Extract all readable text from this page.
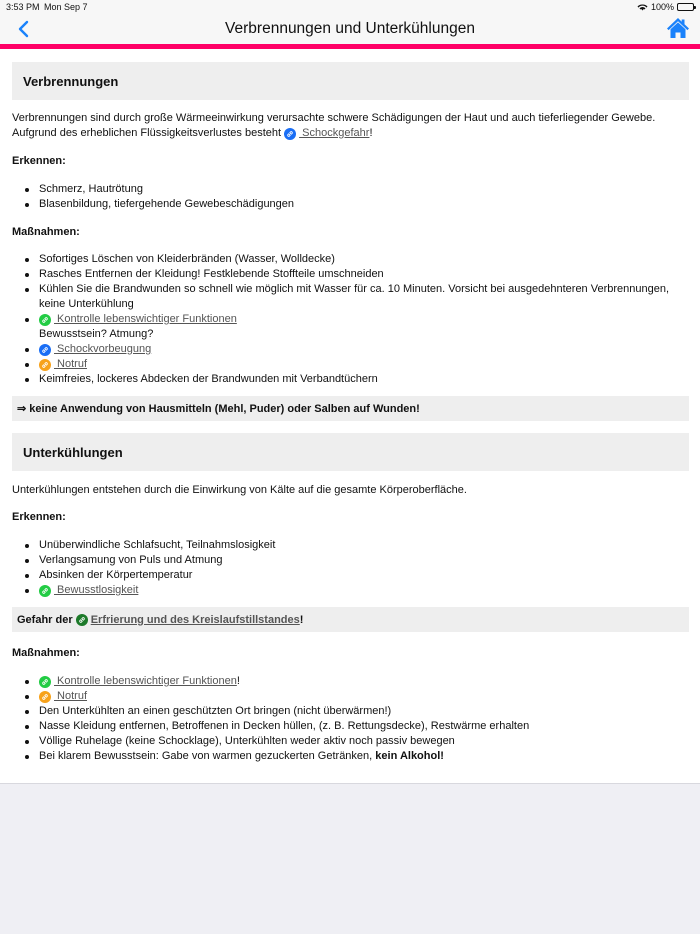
3:53 PM Mon Sep 7	100%
Verbrennungen und Unterkühlungen
Verbrennungen
Verbrennungen sind durch große Wärmeeinwirkung verursachte schwere Schädigungen der Haut und auch tieferliegender Gewebe. Aufgrund des erheblichen Flüssigkeitsverlustes besteht
Schockgefahr!
Erkennen:
Schmerz, Hautrötung
Blasenbildung, tiefergehende Gewebeschädigungen
Maßnahmen:
Sofortiges Löschen von Kleiderbränden (Wasser, Wolldecke)
Rasches Entfernen der Kleidung! Festklebende Stoffteile umschneiden
Kühlen Sie die Brandwunden so schnell wie möglich mit Wasser für ca. 10 Minuten. Vorsicht bei ausgedehnteren Verbrennungen, keine Unterkühlung
Kontrolle lebenswichtiger Funktionen
Bewusstsein? Atmung?
Schockvorbeugung
Notruf
Keimfreies, lockeres Abdecken der Brandwunden mit Verbandtüchern
⇒ keine Anwendung von Hausmitteln (Mehl, Puder) oder Salben auf Wunden!
Unterkühlungen
Unterkühlungen entstehen durch die Einwirkung von Kälte auf die gesamte Körperoberfläche.
Erkennen:
Unüberwindliche Schlafsucht, Teilnahmslosigkeit
Verlangsamung von Puls und Atmung
Absinken der Körpertemperatur
Bewusstlosigkeit
Gefahr der
Erfrierung und des Kreislaufstillstandes !
Maßnahmen:
Kontrolle lebenswichtiger Funktionen!
Notruf
Den Unterkühlten an einen geschützten Ort bringen (nicht überwärmen!)
Nasse Kleidung entfernen, Betroffenen in Decken hüllen, (z. B. Rettungsdecke), Restwärme erhalten
Völlige Ruhelage (keine Schocklage), Unterkühlten weder aktiv noch passiv bewegen
Bei klarem Bewusstsein: Gabe von warmen gezuckerten Getränken, kein Alkohol!
